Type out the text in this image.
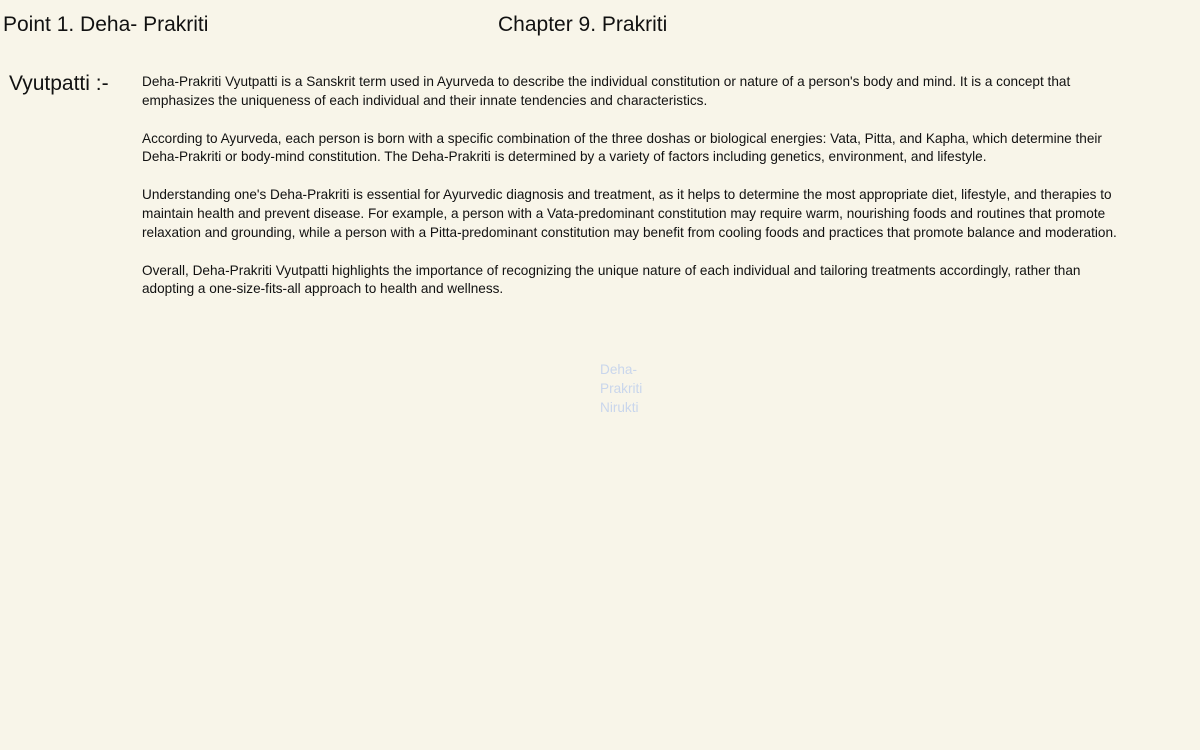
Point 1. Deha- Prakriti	Chapter 9. Prakriti
Vyutpatti :- Deha-Prakriti Vyutpatti is a Sanskrit term used in Ayurveda to describe the individual constitution or nature of a person's body and mind. It is a concept that emphasizes the uniqueness of each individual and their innate tendencies and characteristics.

According to Ayurveda, each person is born with a specific combination of the three doshas or biological energies: Vata, Pitta, and Kapha, which determine their Deha-Prakriti or body-mind constitution. The Deha-Prakriti is determined by a variety of factors including genetics, environment, and lifestyle.

Understanding one's Deha-Prakriti is essential for Ayurvedic diagnosis and treatment, as it helps to determine the most appropriate diet, lifestyle, and therapies to maintain health and prevent disease. For example, a person with a Vata-predominant constitution may require warm, nourishing foods and routines that promote relaxation and grounding, while a person with a Pitta-predominant constitution may benefit from cooling foods and practices that promote balance and moderation.

Overall, Deha-Prakriti Vyutpatti highlights the importance of recognizing the unique nature of each individual and tailoring treatments accordingly, rather than adopting a one-size-fits-all approach to health and wellness.

Deha-Prakriti Nirukti
